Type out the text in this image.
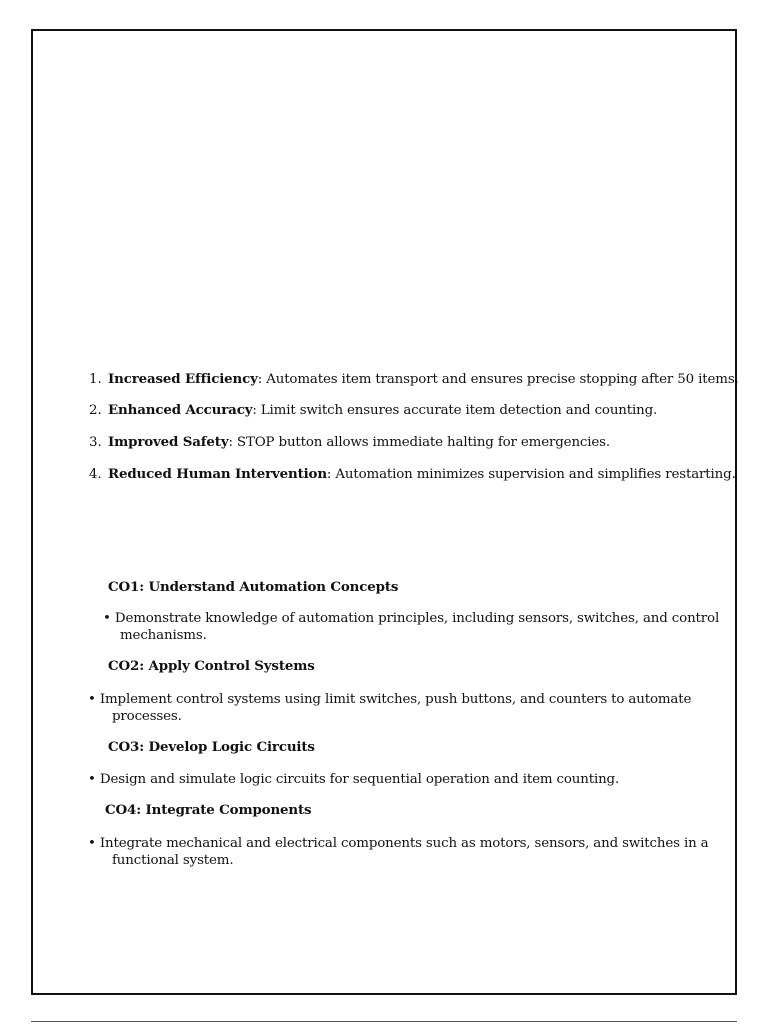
1. Increased Efficiency: Automates item transport and ensures precise stopping after 50 items.
2. Enhanced Accuracy: Limit switch ensures accurate item detection and counting.
3. Improved Safety: STOP button allows immediate halting for emergencies.
4. Reduced Human Intervention: Automation minimizes supervision and simplifies restarting.
CO1: Understand Automation Concepts
• Demonstrate knowledge of automation principles, including sensors, switches, and control
mechanisms.
CO2: Apply Control Systems
• Implement control systems using limit switches, push buttons, and counters to automate
processes.
CO3: Develop Logic Circuits
• Design and simulate logic circuits for sequential operation and item counting.
CO4: Integrate Components
• Integrate mechanical and electrical components such as motors, sensors, and switches in a
functional system.
